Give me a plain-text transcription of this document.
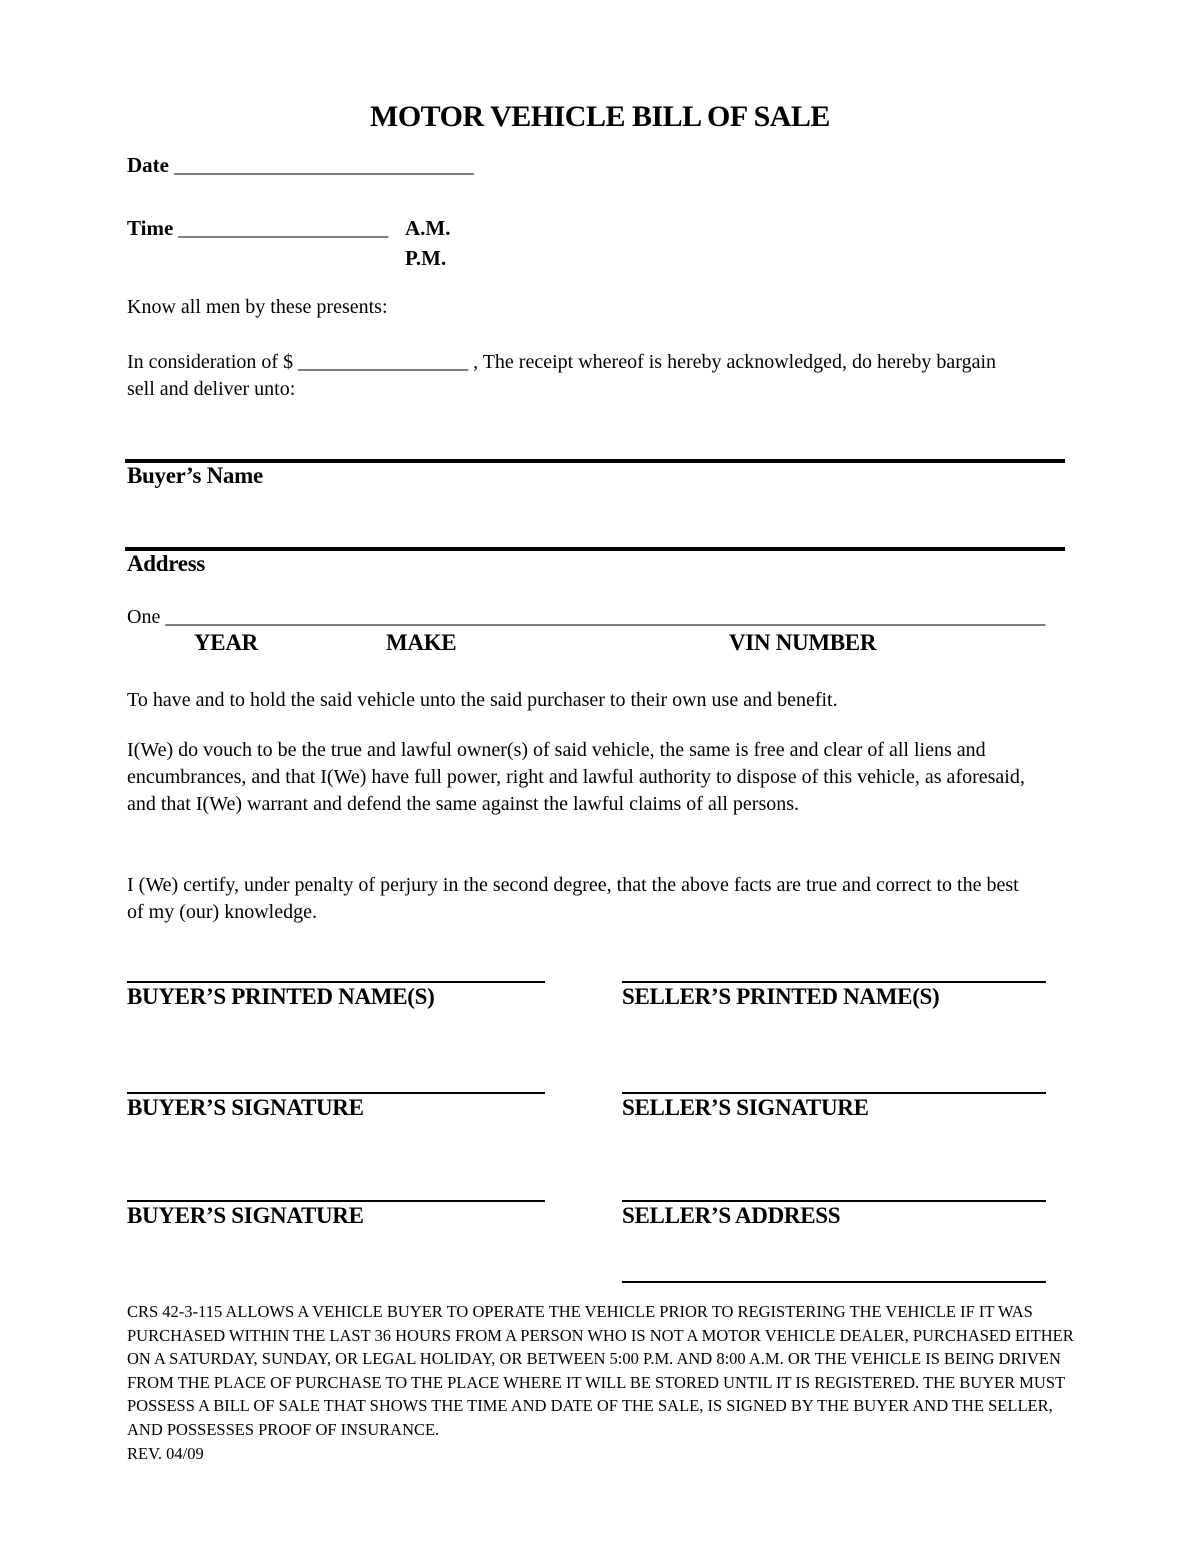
MOTOR VEHICLE BILL OF SALE
Date ______________________________
Time _____________________ A.M.
P.M.
Know all men by these presents:
In consideration of $ _________________ , The receipt whereof is hereby acknowledged, do hereby bargain sell and deliver unto:
Buyer’s Name
Address
One ________________________________________________________________________________________
YEAR	MAKE	VIN NUMBER
To have and to hold the said vehicle unto the said purchaser to their own use and benefit.
I(We) do vouch to be the true and lawful owner(s) of said vehicle, the same is free and clear of all liens and encumbrances, and that I(We) have full power, right and lawful authority to dispose of this vehicle, as aforesaid, and that I(We) warrant and defend the same against the lawful claims of all persons.
I (We) certify, under penalty of perjury in the second degree, that the above facts are true and correct to the best of my (our) knowledge.
BUYER’S PRINTED NAME(S)	SELLER’S PRINTED NAME(S)
BUYER’S SIGNATURE	SELLER’S SIGNATURE
BUYER’S SIGNATURE	SELLER’S ADDRESS
CRS 42-3-115 ALLOWS A VEHICLE BUYER TO OPERATE THE VEHICLE PRIOR TO REGISTERING THE VEHICLE IF IT WAS PURCHASED WITHIN THE LAST 36 HOURS FROM A PERSON WHO IS NOT A MOTOR VEHICLE DEALER, PURCHASED EITHER ON A SATURDAY, SUNDAY, OR LEGAL HOLIDAY, OR BETWEEN 5:00 P.M. AND 8:00 A.M. OR THE VEHICLE IS BEING DRIVEN FROM THE PLACE OF PURCHASE TO THE PLACE WHERE IT WILL BE STORED UNTIL IT IS REGISTERED. THE BUYER MUST POSSESS A BILL OF SALE THAT SHOWS THE TIME AND DATE OF THE SALE, IS SIGNED BY THE BUYER AND THE SELLER, AND POSSESSES PROOF OF INSURANCE.
REV. 04/09
